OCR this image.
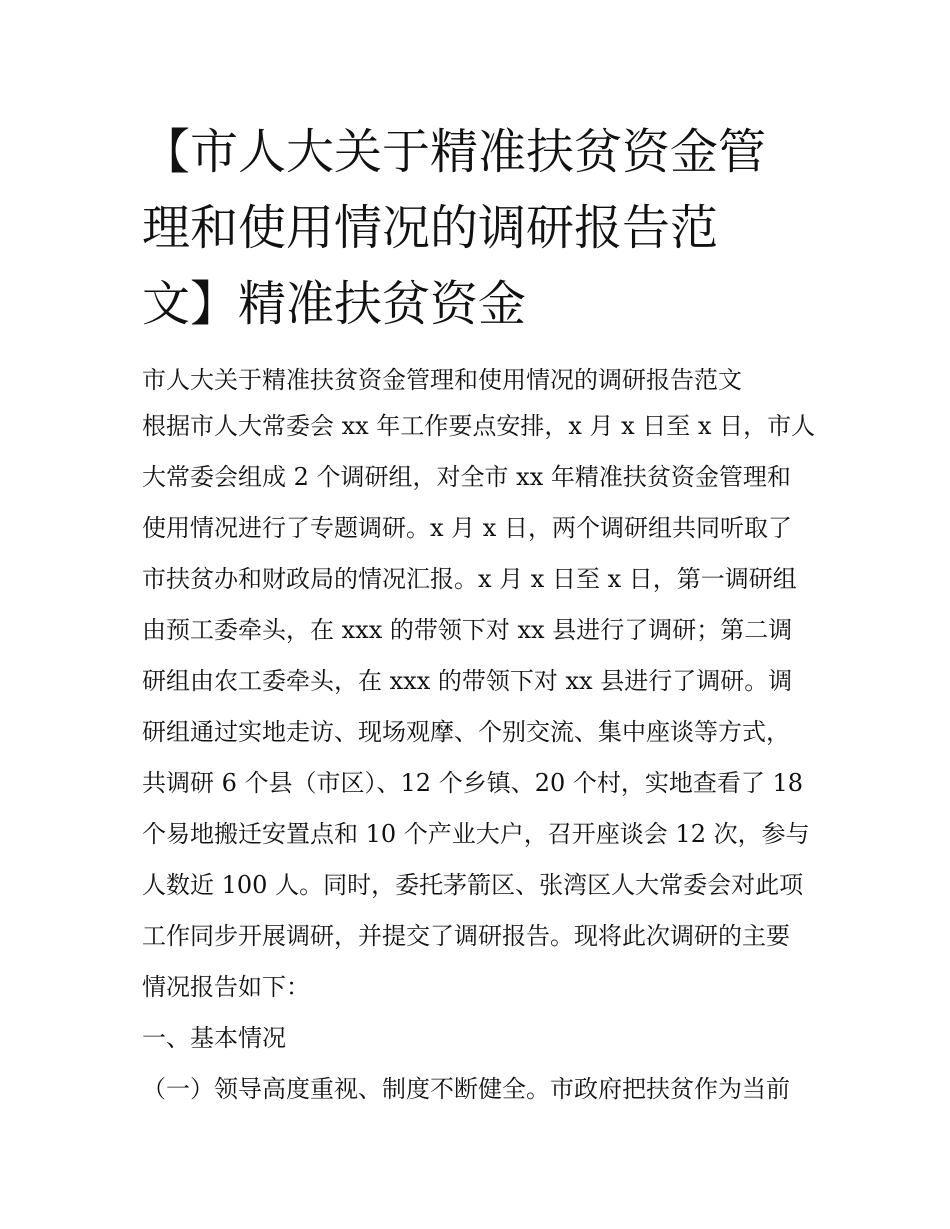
【市人大关于精准扶贫资金管
理和使用情况的调研报告范
文】精准扶贫资金
市人大关于精准扶贫资金管理和使用情况的调研报告范文
根据市人大常委会 xx 年工作要点安排，x 月 x 日至 x 日，市人
大常委会组成 2 个调研组，对全市 xx 年精准扶贫资金管理和
使用情况进行了专题调研。x 月 x 日，两个调研组共同听取了
市扶贫办和财政局的情况汇报。x 月 x 日至 x 日，第一调研组
由预工委牵头，在 xxx 的带领下对 xx 县进行了调研；第二调
研组由农工委牵头，在 xxx 的带领下对 xx 县进行了调研。调
研组通过实地走访、现场观摩、个别交流、集中座谈等方式，
共调研 6 个县（市区）、12 个乡镇、20 个村，实地查看了 18
个易地搬迁安置点和 10 个产业大户，召开座谈会 12 次，参与
人数近 100 人。同时，委托茅箭区、张湾区人大常委会对此项
工作同步开展调研，并提交了调研报告。现将此次调研的主要
情况报告如下：
一、基本情况
（一）领导高度重视、制度不断健全。市政府把扶贫作为当前
